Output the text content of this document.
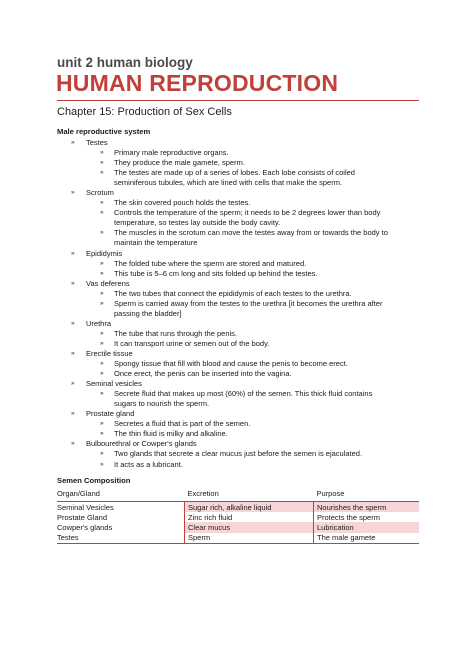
unit 2 human biology
HUMAN REPRODUCTION
Chapter 15: Production of Sex Cells
Male reproductive system
» Testes
» Primary male reproductive organs.
» They produce the male gamete, sperm.
» The testes are made up of a series of lobes. Each lobe consists of coiled
seminiferous tubules, which are lined with cells that make the sperm.
» Scrotum
» The skin covered pouch holds the testes.
» Controls the temperature of the sperm; it needs to be 2 degrees lower than body
temperature, so testes lay outside the body cavity.
» The muscles in the scrotum can move the testes away from or towards the body to
maintain the temperature
» Epididymis
» The folded tube where the sperm are stored and matured.
» This tube is 5–6 cm long and sits folded up behind the testes.
» Vas deferens
» The two tubes that connect the epididymis of each testes to the urethra.
» Sperm is carried away from the testes to the urethra [it becomes the urethra after
passing the bladder]
» Urethra
» The tube that runs through the penis.
» It can transport urine or semen out of the body.
» Erectile tissue
» Spongy tissue that fill with blood and cause the penis to become erect.
» Once erect, the penis can be inserted into the vagina.
» Seminal vesicles
» Secrete fluid that makes up most (60%) of the semen. This thick fluid contains
sugars to nourish the sperm.
» Prostate gland
» Secretes a fluid that is part of the semen.
» The thin fluid is milky and alkaline.
» Bulbourethral or Cowper's glands
» Two glands that secrete a clear mucus just before the semen is ejaculated.
» It acts as a lubricant.
Semen Composition
Organ/Gland	Excretion	Purpose
Seminal Vesicles	Sugar rich, alkaline liquid	Nourishes the sperm
Prostate Gland	Zinc rich fluid	Protects the sperm
Cowper's glands	Clear mucus	Lubrication
Testes	Sperm	The male gamete
